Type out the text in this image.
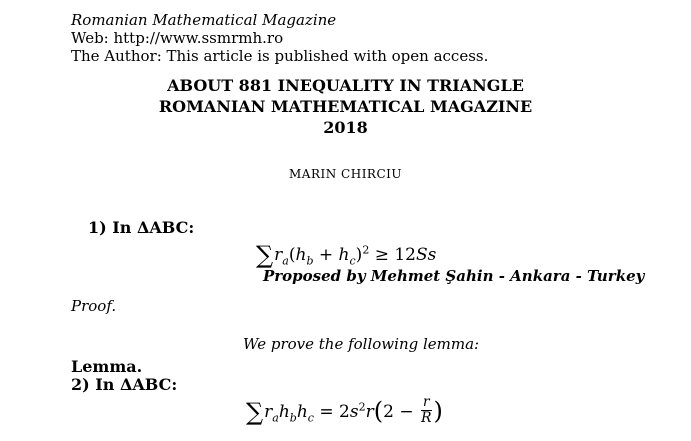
Romanian Mathematical Magazine
Web: http://www.ssmrmh.ro
The Author: This article is published with open access.
ABOUT 881 INEQUALITY IN TRIANGLE
ROMANIAN MATHEMATICAL MAGAZINE
2018
MARIN CHIRCIU
1) In ΔABC:
$\sum r_a(h_b + h_c)^2 \ge 12Ss$
Proposed by Mehmet Şahin - Ankara - Turkey
Proof.
We prove the following lemma:
Lemma.
2) In ΔABC:
$\sum r_ah_bh_c = 2s^2r(2 - \frac{r}{R}$ )
